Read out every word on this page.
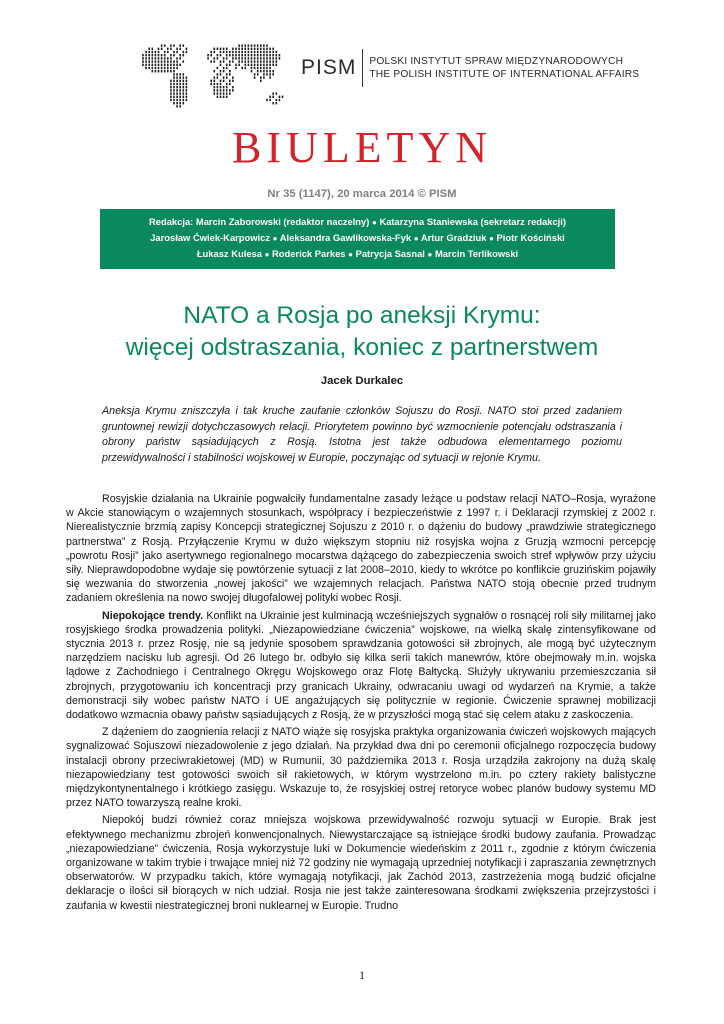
PISM	POLSKI INSTYTUT SPRAW MIĘDZYNARODOWYCH
THE POLISH INSTITUTE OF INTERNATIONAL AFFAIRS
BIULETYN
Nr 35 (1147), 20 marca 2014 © PISM
Redakcja: Marcin Zaborowski (redaktor naczelny) ● Katarzyna Staniewska (sekretarz redakcji)
Jarosław Ćwiek-Karpowicz ● Aleksandra Gawlikowska-Fyk ● Artur Gradziuk ● Piotr Kościński
Łukasz Kulesa ● Roderick Parkes ● Patrycja Sasnal ● Marcin Terlikowski
NATO a Rosja po aneksji Krymu:
więcej odstraszania, koniec z partnerstwem
Jacek Durkalec
Aneksja Krymu zniszczyła i tak kruche zaufanie członków Sojuszu do Rosji. NATO stoi przed zadaniem gruntownej rewizji dotychczasowych relacji. Priorytetem powinno być wzmocnienie potencjału odstraszania i obrony państw sąsiadujących z Rosją. Istotna jest także odbudowa elementarnego poziomu przewidywalności i stabilności wojskowej w Europie, poczynając od sytuacji w rejonie Krymu.

Rosyjskie działania na Ukrainie pogwałciły fundamentalne zasady leżące u podstaw relacji NATO–Rosja, wyrażone w Akcie stanowiącym o wzajemnych stosunkach, współpracy i bezpieczeństwie z 1997 r. i Deklaracji rzymskiej z 2002 r. Nierealistycznie brzmią zapisy Koncepcji strategicznej Sojuszu z 2010 r. o dążeniu do budowy „prawdziwie strategicznego partnerstwa” z Rosją. Przyłączenie Krymu w dużo większym stopniu niż rosyjska wojna z Gruzją wzmocni percepcję „powrotu Rosji” jako asertywnego regionalnego mocarstwa dążącego do zabezpieczenia swoich stref wpływów przy użyciu siły. Nieprawdopodobne wydaje się powtórzenie sytuacji z lat 2008–2010, kiedy to wkrótce po konflikcie gruzińskim pojawiły się wezwania do stworzenia „nowej jakości” we wzajemnych relacjach. Państwa NATO stoją obecnie przed trudnym zadaniem określenia na nowo swojej długofalowej polityki wobec Rosji.

Niepokojące trendy. Konflikt na Ukrainie jest kulminacją wcześniejszych sygnałów o rosnącej roli siły militarnej jako rosyjskiego środka prowadzenia polityki. „Niezapowiedziane ćwiczenia” wojskowe, na wielką skalę zintensyfikowane od stycznia 2013 r. przez Rosję, nie są jedynie sposobem sprawdzania gotowości sił zbrojnych, ale mogą być użytecznym narzędziem nacisku lub agresji. Od 26 lutego br. odbyło się kilka serii takich manewrów, które obejmowały m.in. wojska lądowe z Zachodniego i Centralnego Okręgu Wojskowego oraz Flotę Bałtycką. Służyły ukrywaniu przemieszczania sił zbrojnych, przygotowaniu ich koncentracji przy granicach Ukrainy, odwracaniu uwagi od wydarzeń na Krymie, a także demonstracji siły wobec państw NATO i UE angażujących się politycznie w regionie. Ćwiczenie sprawnej mobilizacji dodatkowo wzmacnia obawy państw sąsiadujących z Rosją, że w przyszłości mogą stać się celem ataku z zaskoczenia.

Z dążeniem do zaognienia relacji z NATO wiąże się rosyjska praktyka organizowania ćwiczeń wojskowych mających sygnalizować Sojuszowi niezadowolenie z jego działań. Na przykład dwa dni po ceremonii oficjalnego rozpoczęcia budowy instalacji obrony przeciwrakietowej (MD) w Rumunii, 30 października 2013 r. Rosja urządziła zakrojony na dużą skalę niezapowiedziany test gotowości swoich sił rakietowych, w którym wystrzelono m.in. po cztery rakiety balistyczne międzykontynentalnego i krótkiego zasięgu. Wskazuje to, że rosyjskiej ostrej retoryce wobec planów budowy systemu MD przez NATO towarzyszą realne kroki.

Niepokój budzi również coraz mniejsza wojskowa przewidywalność rozwoju sytuacji w Europie. Brak jest efektywnego mechanizmu zbrojeń konwencjonalnych. Niewystarczające są istniejące środki budowy zaufania. Prowadząc „niezapowiedziane” ćwiczenia, Rosja wykorzystuje luki w Dokumencie wiedeńskim z 2011 r., zgodnie z którym ćwiczenia organizowane w takim trybie i trwające mniej niż 72 godziny nie wymagają uprzedniej notyfikacji i zapraszania zewnętrznych obserwatorów. W przypadku takich, które wymagają notyfikacji, jak Zachód 2013, zastrzeżenia mogą budzić oficjalne deklaracje o ilości sił biorących w nich udział. Rosja nie jest także zainteresowana środkami zwiększenia przejrzystości i zaufania w kwestii niestrategicznej broni nuklearnej w Europie. Trudno

1
